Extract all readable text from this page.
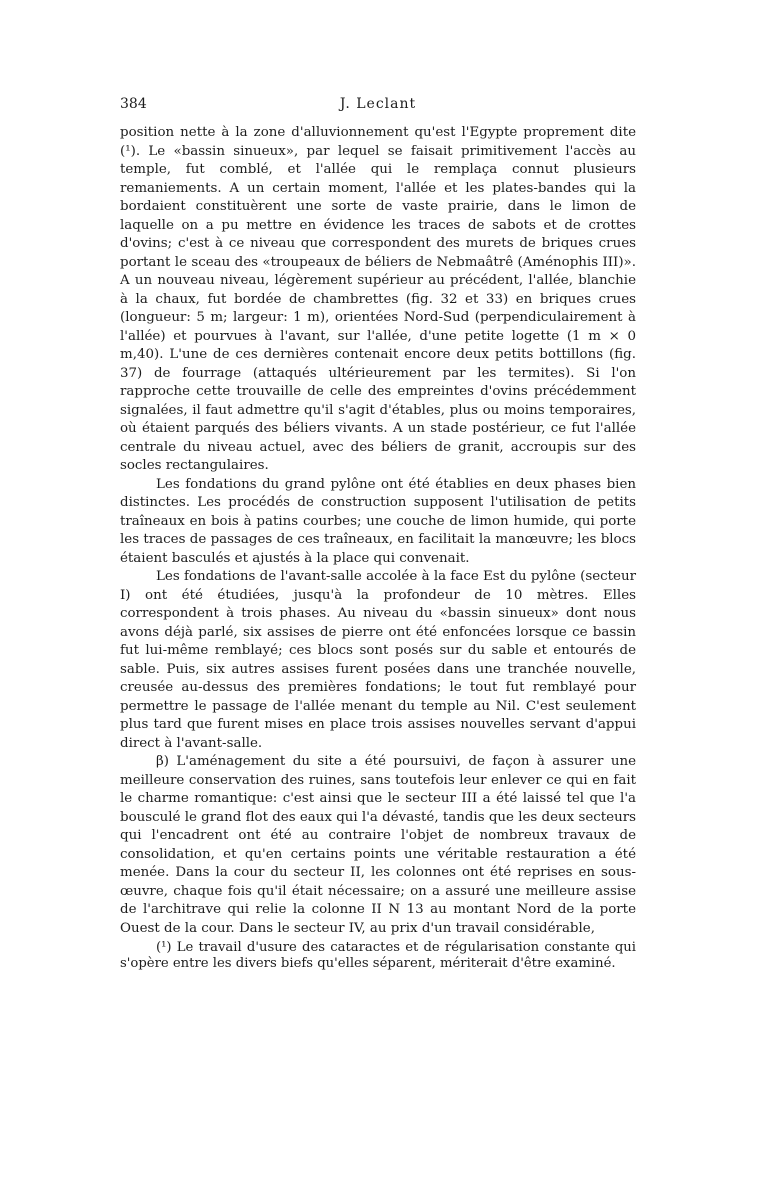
384	J. Leclant

position nette à la zone d'alluvionnement qu'est l'Egypte proprement dite (¹). Le «bassin sinueux», par lequel se faisait primitivement l'accès au temple, fut comblé, et l'allée qui le remplaça connut plusieurs remaniements. A un certain moment, l'allée et les plates-bandes qui la bordaient constituèrent une sorte de vaste prairie, dans le limon de laquelle on a pu mettre en évidence les traces de sabots et de crottes d'ovins; c'est à ce niveau que correspondent des murets de briques crues portant le sceau des «troupeaux de béliers de Nebmaâtrê (Aménophis III)». A un nouveau niveau, légèrement supérieur au précédent, l'allée, blanchie à la chaux, fut bordée de chambrettes (fig. 32 et 33) en briques crues (longueur: 5 m; largeur: 1 m), orientées Nord-Sud (perpendiculairement à l'allée) et pourvues à l'avant, sur l'allée, d'une petite logette (1 m × 0 m,40). L'une de ces dernières contenait encore deux petits bottillons (fig. 37) de fourrage (attaqués ultérieurement par les termites). Si l'on rapproche cette trouvaille de celle des empreintes d'ovins précédemment signalées, il faut admettre qu'il s'agit d'étables, plus ou moins temporaires, où étaient parqués des béliers vivants. A un stade postérieur, ce fut l'allée centrale du niveau actuel, avec des béliers de granit, accroupis sur des socles rectangulaires.

Les fondations du grand pylône ont été établies en deux phases bien distinctes. Les procédés de construction supposent l'utilisation de petits traîneaux en bois à patins courbes; une couche de limon humide, qui porte les traces de passages de ces traîneaux, en facilitait la manœuvre; les blocs étaient basculés et ajustés à la place qui convenait.

Les fondations de l'avant-salle accolée à la face Est du pylône (secteur I) ont été étudiées, jusqu'à la profondeur de 10 mètres. Elles correspondent à trois phases. Au niveau du «bassin sinueux» dont nous avons déjà parlé, six assises de pierre ont été enfoncées lorsque ce bassin fut lui-même remblayé; ces blocs sont posés sur du sable et entourés de sable. Puis, six autres assises furent posées dans une tranchée nouvelle, creusée au-dessus des premières fondations; le tout fut remblayé pour permettre le passage de l'allée menant du temple au Nil. C'est seulement plus tard que furent mises en place trois assises nouvelles servant d'appui direct à l'avant-salle.

β) L'aménagement du site a été poursuivi, de façon à assurer une meilleure conservation des ruines, sans toutefois leur enlever ce qui en fait le charme romantique: c'est ainsi que le secteur III a été laissé tel que l'a bousculé le grand flot des eaux qui l'a dévasté, tandis que les deux secteurs qui l'encadrent ont été au contraire l'objet de nombreux travaux de consolidation, et qu'en certains points une véritable restauration a été menée. Dans la cour du secteur II, les colonnes ont été reprises en sous-œuvre, chaque fois qu'il était nécessaire; on a assuré une meilleure assise de l'architrave qui relie la colonne II N 13 au montant Nord de la porte Ouest de la cour. Dans le secteur IV, au prix d'un travail considérable,

(¹) Le travail d'usure des cataractes et de régularisation constante qui s'opère entre les divers biefs qu'elles séparent, mériterait d'être examiné.
